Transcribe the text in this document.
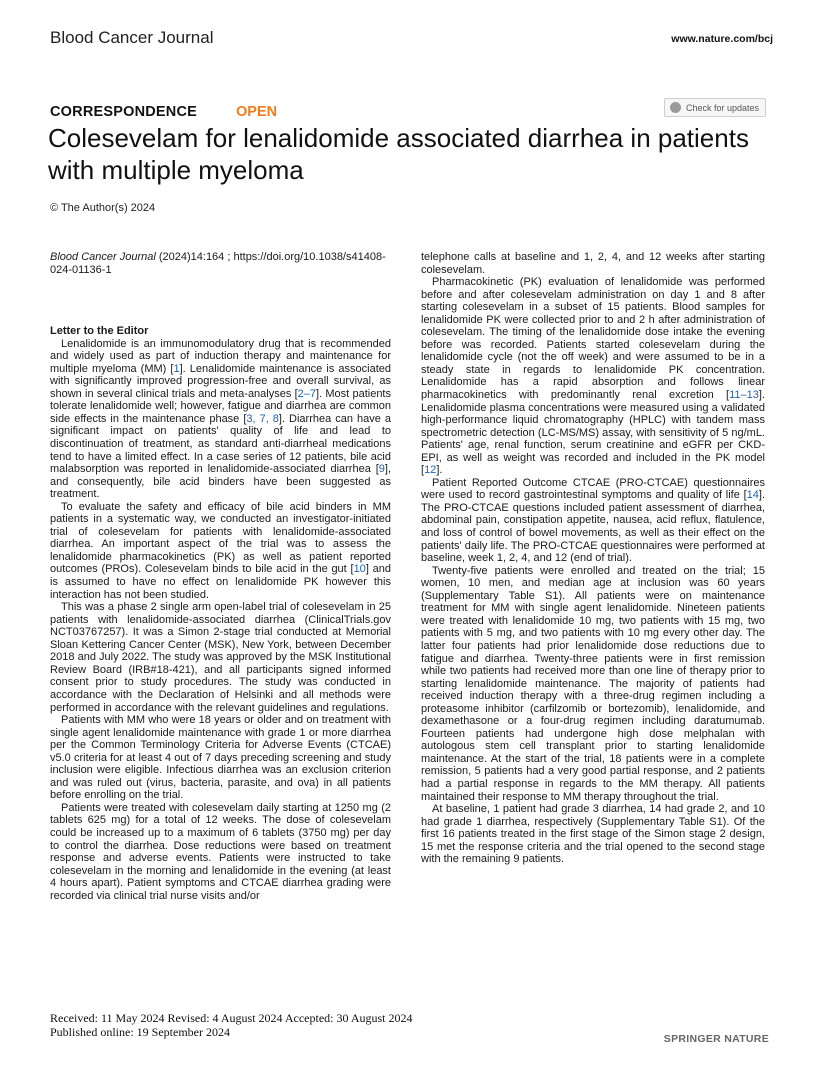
Blood Cancer Journal	www.nature.com/bcj
CORRESPONDENCE	OPEN	Check for updates
Colesevelam for lenalidomide associated diarrhea in patients with multiple myeloma
© The Author(s) 2024

Blood Cancer Journal (2024)14:164 ; https://doi.org/10.1038/s41408-024-01136-1

Letter to the Editor

Lenalidomide is an immunomodulatory drug that is recommended and widely used as part of induction therapy and maintenance for multiple myeloma (MM) [1]. Lenalidomide maintenance is associated with significantly improved progression-free and overall survival, as shown in several clinical trials and meta-analyses [2–7]. Most patients tolerate lenalidomide well; however, fatigue and diarrhea are common side effects in the maintenance phase [3, 7, 8]. Diarrhea can have a significant impact on patients' quality of life and lead to discontinuation of treatment, as standard anti-diarrheal medications tend to have a limited effect. In a case series of 12 patients, bile acid malabsorption was reported in lenalidomide-associated diarrhea [9], and consequently, bile acid binders have been suggested as treatment.

To evaluate the safety and efficacy of bile acid binders in MM patients in a systematic way, we conducted an investigator-initiated trial of colesevelam for patients with lenalidomide-associated diarrhea. An important aspect of the trial was to assess the lenalidomide pharmacokinetics (PK) as well as patient reported outcomes (PROs). Colesevelam binds to bile acid in the gut [10] and is assumed to have no effect on lenalidomide PK however this interaction has not been studied.

This was a phase 2 single arm open-label trial of colesevelam in 25 patients with lenalidomide-associated diarrhea (ClinicalTrials.gov NCT03767257). It was a Simon 2-stage trial conducted at Memorial Sloan Kettering Cancer Center (MSK), New York, between December 2018 and July 2022. The study was approved by the MSK Institutional Review Board (IRB#18-421), and all participants signed informed consent prior to study procedures. The study was conducted in accordance with the Declaration of Helsinki and all methods were performed in accordance with the relevant guidelines and regulations.

Patients with MM who were 18 years or older and on treatment with single agent lenalidomide maintenance with grade 1 or more diarrhea per the Common Terminology Criteria for Adverse Events (CTCAE) v5.0 criteria for at least 4 out of 7 days preceding screening and study inclusion were eligible. Infectious diarrhea was an exclusion criterion and was ruled out (virus, bacteria, parasite, and ova) in all patients before enrolling on the trial.

Patients were treated with colesevelam daily starting at 1250 mg (2 tablets 625 mg) for a total of 12 weeks. The dose of colesevelam could be increased up to a maximum of 6 tablets (3750 mg) per day to control the diarrhea. Dose reductions were based on treatment response and adverse events. Patients were instructed to take colesevelam in the morning and lenalidomide in the evening (at least 4 hours apart). Patient symptoms and CTCAE diarrhea grading were recorded via clinical trial nurse visits and/or

telephone calls at baseline and 1, 2, 4, and 12 weeks after starting colesevelam.

Pharmacokinetic (PK) evaluation of lenalidomide was performed before and after colesevelam administration on day 1 and 8 after starting colesevelam in a subset of 15 patients. Blood samples for lenalidomide PK were collected prior to and 2 h after administration of colesevelam. The timing of the lenalidomide dose intake the evening before was recorded. Patients started colesevelam during the lenalidomide cycle (not the off week) and were assumed to be in a steady state in regards to lenalidomide PK concentration. Lenalidomide has a rapid absorption and follows linear pharmacokinetics with predominantly renal excretion [11–13]. Lenalidomide plasma concentrations were measured using a validated high-performance liquid chromatography (HPLC) with tandem mass spectrometric detection (LC-MS/MS) assay, with sensitivity of 5 ng/mL. Patients' age, renal function, serum creatinine and eGFR per CKD-EPI, as well as weight was recorded and included in the PK model [12].

Patient Reported Outcome CTCAE (PRO-CTCAE) questionnaires were used to record gastrointestinal symptoms and quality of life [14]. The PRO-CTCAE questions included patient assessment of diarrhea, abdominal pain, constipation appetite, nausea, acid reflux, flatulence, and loss of control of bowel movements, as well as their effect on the patients' daily life. The PRO-CTCAE questionnaires were performed at baseline, week 1, 2, 4, and 12 (end of trial).

Twenty-five patients were enrolled and treated on the trial; 15 women, 10 men, and median age at inclusion was 60 years (Supplementary Table S1). All patients were on maintenance treatment for MM with single agent lenalidomide. Nineteen patients were treated with lenalidomide 10 mg, two patients with 15 mg, two patients with 5 mg, and two patients with 10 mg every other day. The latter four patients had prior lenalidomide dose reductions due to fatigue and diarrhea. Twenty-three patients were in first remission while two patients had received more than one line of therapy prior to starting lenalidomide maintenance. The majority of patients had received induction therapy with a three-drug regimen including a proteasome inhibitor (carfilzomib or bortezomib), lenalidomide, and dexamethasone or a four-drug regimen including daratumumab. Fourteen patients had undergone high dose melphalan with autologous stem cell transplant prior to starting lenalidomide maintenance. At the start of the trial, 18 patients were in a complete remission, 5 patients had a very good partial response, and 2 patients had a partial response in regards to the MM therapy. All patients maintained their response to MM therapy throughout the trial.

At baseline, 1 patient had grade 3 diarrhea, 14 had grade 2, and 10 had grade 1 diarrhea, respectively (Supplementary Table S1). Of the first 16 patients treated in the first stage of the Simon stage 2 design, 15 met the response criteria and the trial opened to the second stage with the remaining 9 patients.

Received: 11 May 2024 Revised: 4 August 2024 Accepted: 30 August 2024
Published online: 19 September 2024	SPRINGER NATURE
